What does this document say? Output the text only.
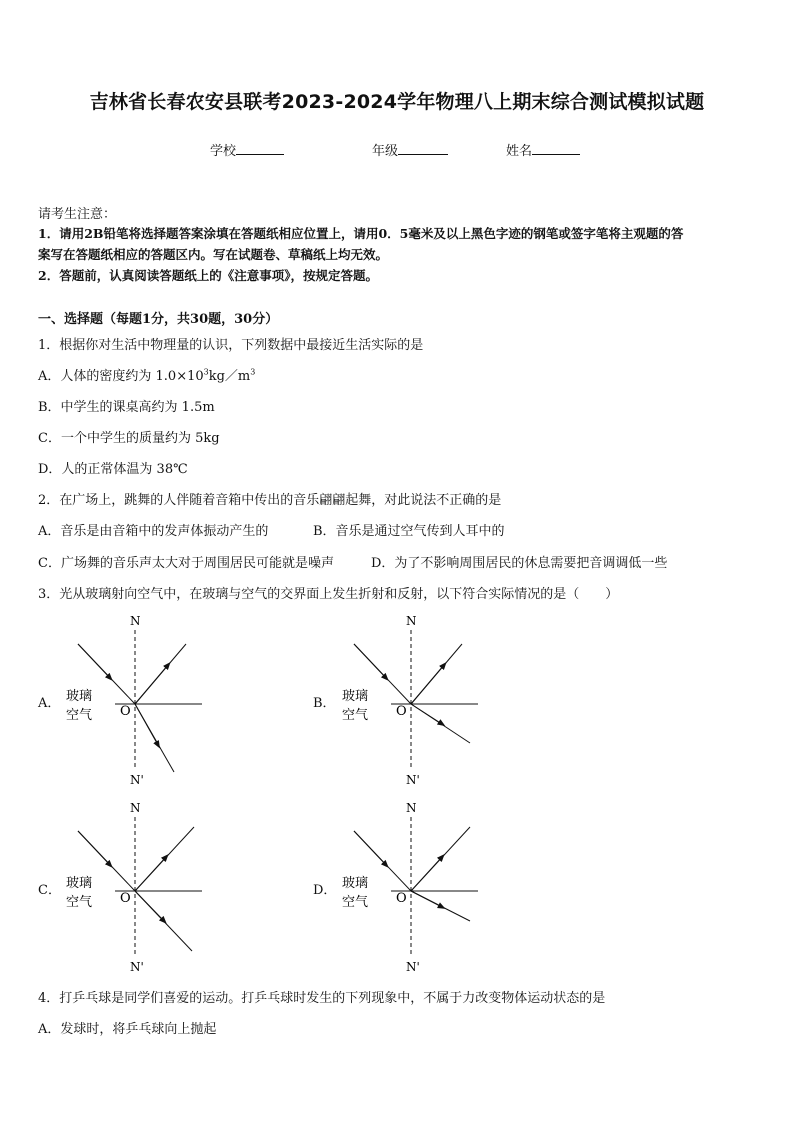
吉林省长春农安县联考2023-2024学年物理八上期末综合测试模拟试题
学校	年级	姓名
请考生注意：
1．请用2B铅笔将选择题答案涂填在答题纸相应位置上，请用0．5毫米及以上黑色字迹的钢笔或签字笔将主观题的答
案写在答题纸相应的答题区内。写在试题卷、草稿纸上均无效。
2．答题前，认真阅读答题纸上的《注意事项》，按规定答题。
一、选择题（每题1分，共30题，30分）
1．根据你对生活中物理量的认识，下列数据中最接近生活实际的是
A．人体的密度约为 $1.0\times 10^3kg/m^3$
B．中学生的课桌高约为 1.5m
C．一个中学生的质量约为 5kg
D．人的正常体温为 38℃
2．在广场上，跳舞的人伴随着音箱中传出的音乐翩翩起舞，对此说法不正确的是
A．音乐是由音箱中的发声体振动产生的	B．音乐是通过空气传到人耳中的
C．广场舞的音乐声太大对于周围居民可能就是噪声	D．为了不影响周围居民的休息需要把音调调低一些
3．光从玻璃射向空气中，在玻璃与空气的交界面上发生折射和反射，以下符合实际情况的是（　　）
A．
N
N'
玻璃
空气 O
B．
N
N'
玻璃
空气 O
C．
N
N'
玻璃
空气 O
D．
N
N'
玻璃
空气 O
4．打乒乓球是同学们喜爱的运动。打乒乓球时发生的下列现象中，不属于力改变物体运动状态的是
A．发球时，将乒乓球向上抛起
